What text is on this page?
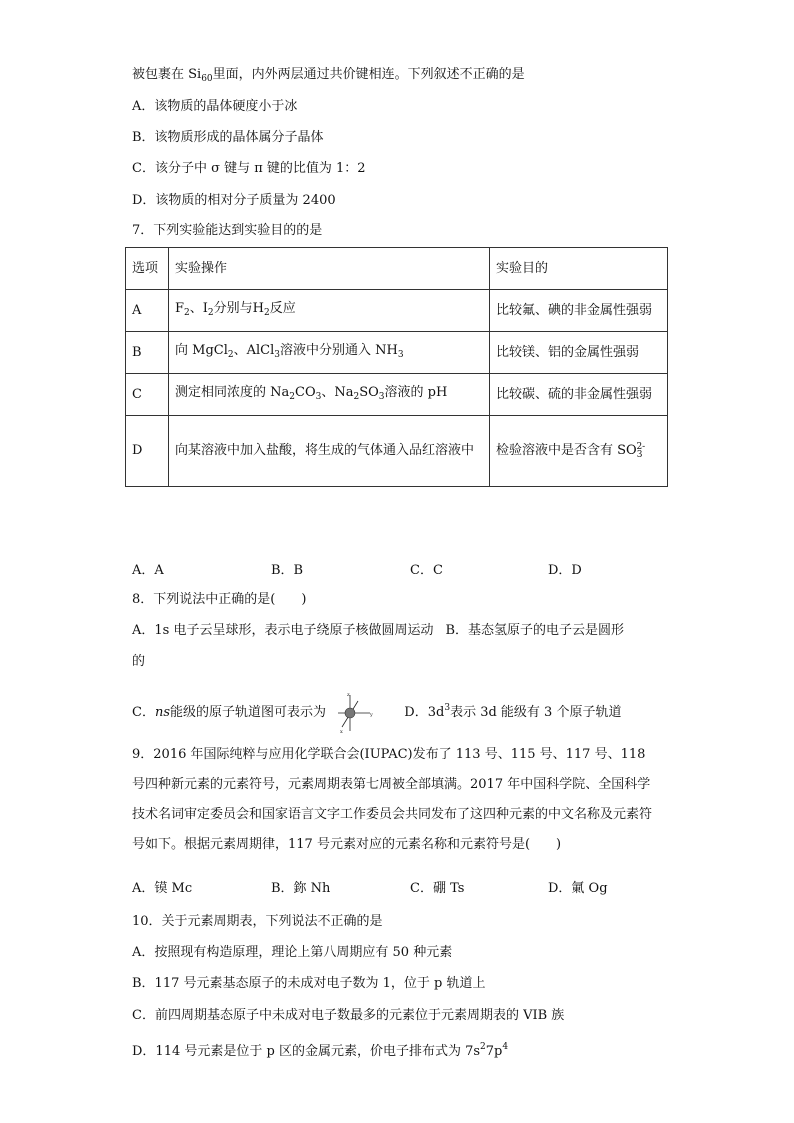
被包裹在 $Si_{60}$里面，内外两层通过共价键相连。下列叙述不正确的是
A．该物质的晶体硬度小于冰
B．该物质形成的晶体属分子晶体
C．该分子中 σ 键与 π 键的比值为 1：2
D．该物质的相对分子质量为 2400
7．下列实验能达到实验目的的是
选项	实验操作	实验目的
A	$F_2$、$I_2$分别与$H_2$反应	比较氟、碘的非金属性强弱
B	向 MgCl$_2$、AlCl$_3$溶液中分别通入 $NH_3$	比较镁、铝的金属性强弱
C	测定相同浓度的 $Na_2CO_3$、$Na_2SO_3$溶液的 pH	比较碳、硫的非金属性强弱
D	向某溶液中加入盐酸，将生成的气体通入品红溶液中	检验溶液中是否含有 $SO_3^{2-}$
A．A	B．B	C．C	D．D
8．下列说法中正确的是(　　)
A．1s 电子云呈球形，表示电子绕原子核做圆周运动 B．基态氢原子的电子云是圆形
的
C．ns能级的原子轨道图可表示为
z
y
x
D．$3d^3$表示 3d 能级有 3 个原子轨道
9．2016 年国际纯粹与应用化学联合会(IUPAC)发布了 113 号、115 号、117 号、118 号四种新元素的元素符号，元素周期表第七周被全部填满。2017 年中国科学院、全国科学技术名词审定委员会和国家语言文字工作委员会共同发布了这四种元素的中文名称及元素符号如下。根据元素周期律，117 号元素对应的元素名称和元素符号是(　　)
A．镆 Mc	B．鉨 Nh	C．硼 Ts	D．氭 Og
10．关于元素周期表，下列说法不正确的是
A．按照现有构造原理，理论上第八周期应有 50 种元素
B．117 号元素基态原子的未成对电子数为 1，位于 p 轨道上
C．前四周期基态原子中未成对电子数最多的元素位于元素周期表的 VIB 族
D．114 号元素是位于 p 区的金属元素，价电子排布式为 $7s^27p^4$
